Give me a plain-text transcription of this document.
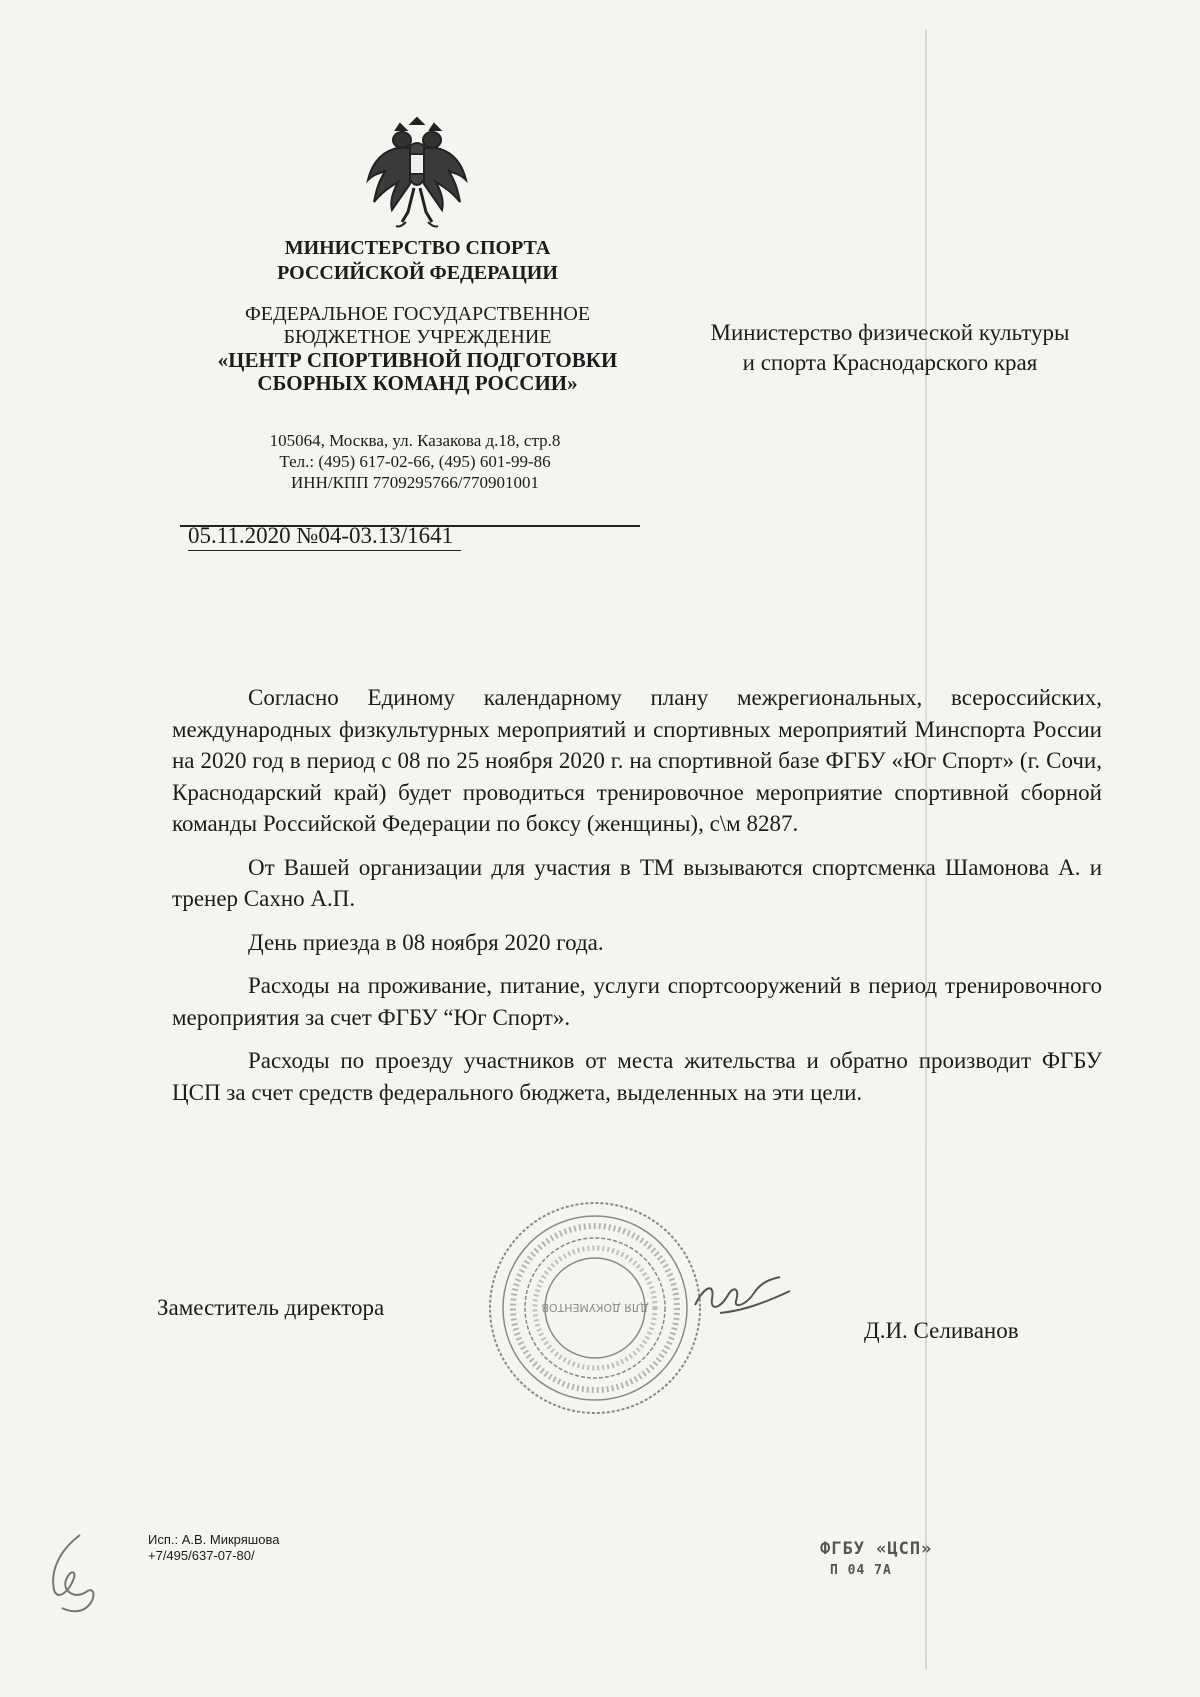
МИНИСТЕРСТВО СПОРТА
РОССИЙСКОЙ ФЕДЕРАЦИИ
ФЕДЕРАЛЬНОЕ ГОСУДАРСТВЕННОЕ
БЮДЖЕТНОЕ УЧРЕЖДЕНИЕ
«ЦЕНТР СПОРТИВНОЙ ПОДГОТОВКИ
СБОРНЫХ КОМАНД РОССИИ»
105064, Москва, ул. Казакова д.18, стр.8
Тел.: (495) 617-02-66, (495) 601-99-86
ИНН/КПП 7709295766/770901001
05.11.2020 №04-03.13/1641
Министерство физической культуры
и спорта Краснодарского края

Согласно Единому календарному плану межрегиональных, всероссийских, международных физкультурных мероприятий и спортивных мероприятий Минспорта России на 2020 год в период с 08 по 25 ноября 2020 г. на спортивной базе ФГБУ «Юг Спорт» (г. Сочи, Краснодарский край) будет проводиться тренировочное мероприятие спортивной сборной команды Российской Федерации по боксу (женщины), с\м 8287.

От Вашей организации для участия в ТМ вызываются спортсменка Шамонова А. и тренер Сахно А.П.

День приезда в 08 ноября 2020 года.

Расходы на проживание, питание, услуги спортсооружений в период тренировочного мероприятия за счет ФГБУ “Юг Спорт».

Расходы по проезду участников от места жительства и обратно производит ФГБУ ЦСП за счет средств федерального бюджета, выделенных на эти цели.

ДЛЯ ДОКУМЕНТОВ
Заместитель директора
Д.И. Селиванов
Исп.: А.В. Микряшова
+7/495/637-07-80/	ФГБУ «ЦСП»
П 04 7А
